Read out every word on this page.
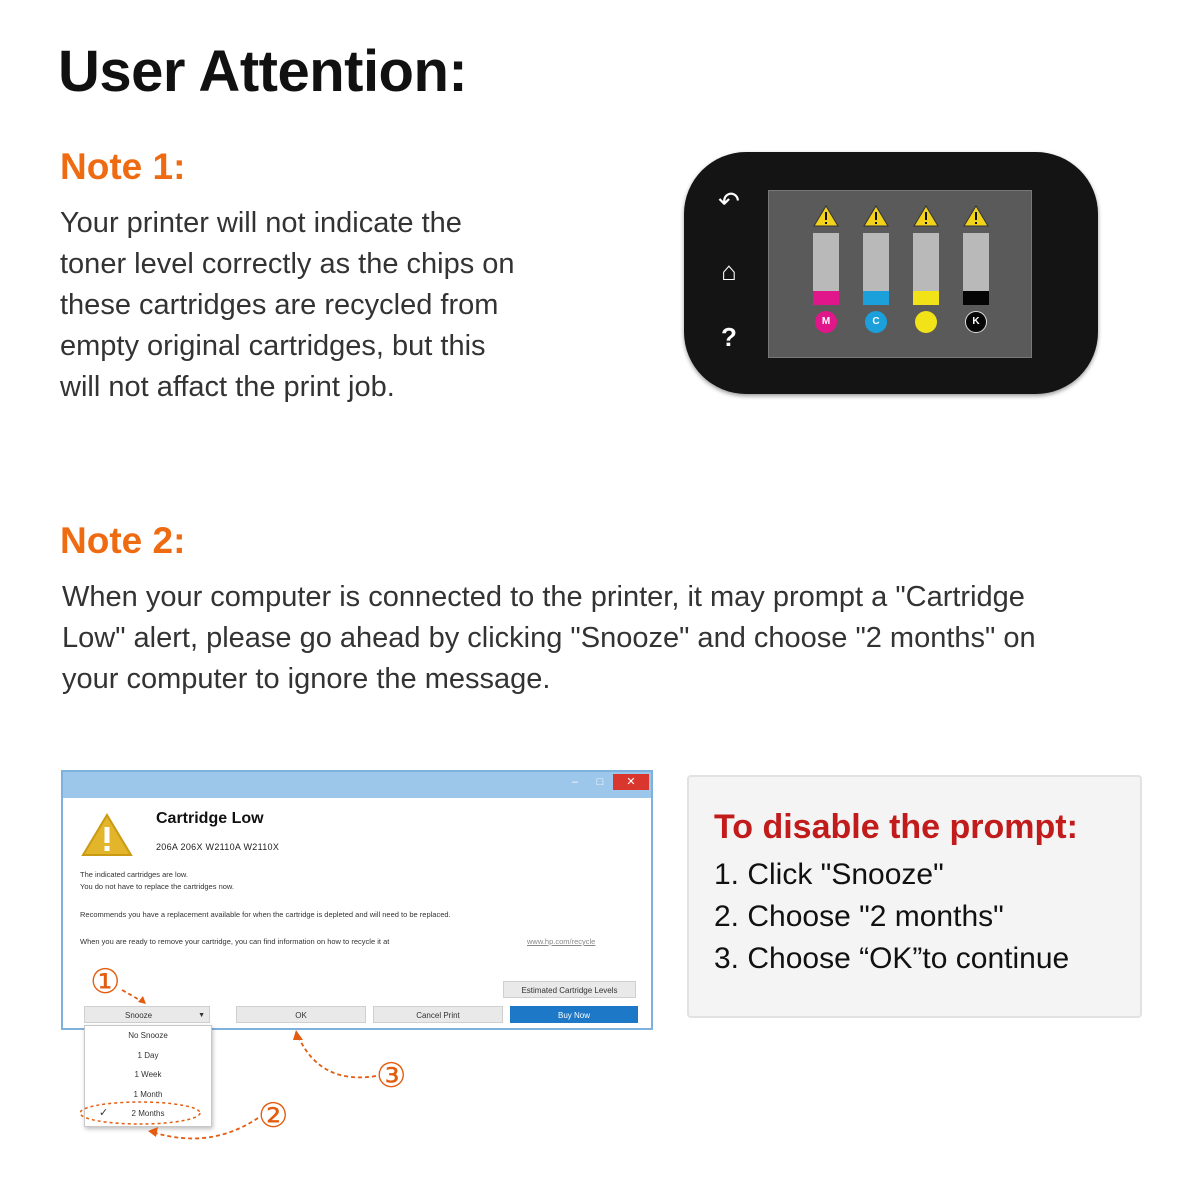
User Attention:
Note 1:
Your printer will not indicate the
toner level correctly as the chips on
these cartridges are recycled from
empty original cartridges, but this
will not affact the print job.
↶
⌂
?
M	C	K
Note 2:
When your computer is connected to the printer, it may prompt a "Cartridge
Low" alert, please go ahead by clicking "Snooze" and choose "2 months" on
your computer to ignore the message.
–	□	✕
Cartridge Low
206A 206X W2110A W2110X
The indicated cartridges are low.
You do not have to replace the cartridges now.
Recommends you have a replacement available for when the cartridge is depleted and will need to be replaced.
When you are ready to remove your cartridge, you can find information on how to recycle it at	www.hp.com/recycle
Estimated Cartridge Levels
Snooze	▼	OK	Cancel Print	Buy Now
No Snooze
1 Day
1 Week
1 Month
✓	2 Months
①
②
③
To disable the prompt:
1. Click "Snooze"
2. Choose "2 months"
3. Choose “OK”to continue
